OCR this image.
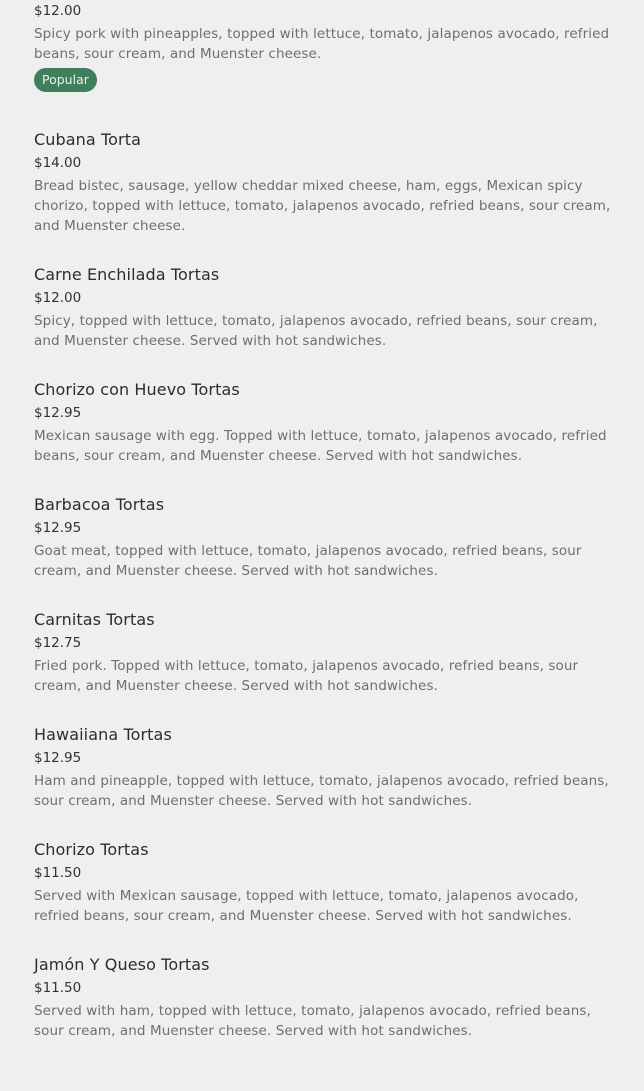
$12.00
Spicy pork with pineapples, topped with lettuce, tomato, jalapenos avocado, refried beans, sour cream, and Muenster cheese.
Popular
Cubana Torta
$14.00
Bread bistec, sausage, yellow cheddar mixed cheese, ham, eggs, Mexican spicy chorizo, topped with lettuce, tomato, jalapenos avocado, refried beans, sour cream, and Muenster cheese.
Carne Enchilada Tortas
$12.00
Spicy, topped with lettuce, tomato, jalapenos avocado, refried beans, sour cream, and Muenster cheese. Served with hot sandwiches.
Chorizo con Huevo Tortas
$12.95
Mexican sausage with egg. Topped with lettuce, tomato, jalapenos avocado, refried beans, sour cream, and Muenster cheese. Served with hot sandwiches.
Barbacoa Tortas
$12.95
Goat meat, topped with lettuce, tomato, jalapenos avocado, refried beans, sour cream, and Muenster cheese. Served with hot sandwiches.
Carnitas Tortas
$12.75
Fried pork. Topped with lettuce, tomato, jalapenos avocado, refried beans, sour cream, and Muenster cheese. Served with hot sandwiches.
Hawaiiana Tortas
$12.95
Ham and pineapple, topped with lettuce, tomato, jalapenos avocado, refried beans, sour cream, and Muenster cheese. Served with hot sandwiches.
Chorizo Tortas
$11.50
Served with Mexican sausage, topped with lettuce, tomato, jalapenos avocado, refried beans, sour cream, and Muenster cheese. Served with hot sandwiches.
Jamón Y Queso Tortas
$11.50
Served with ham, topped with lettuce, tomato, jalapenos avocado, refried beans, sour cream, and Muenster cheese. Served with hot sandwiches.
